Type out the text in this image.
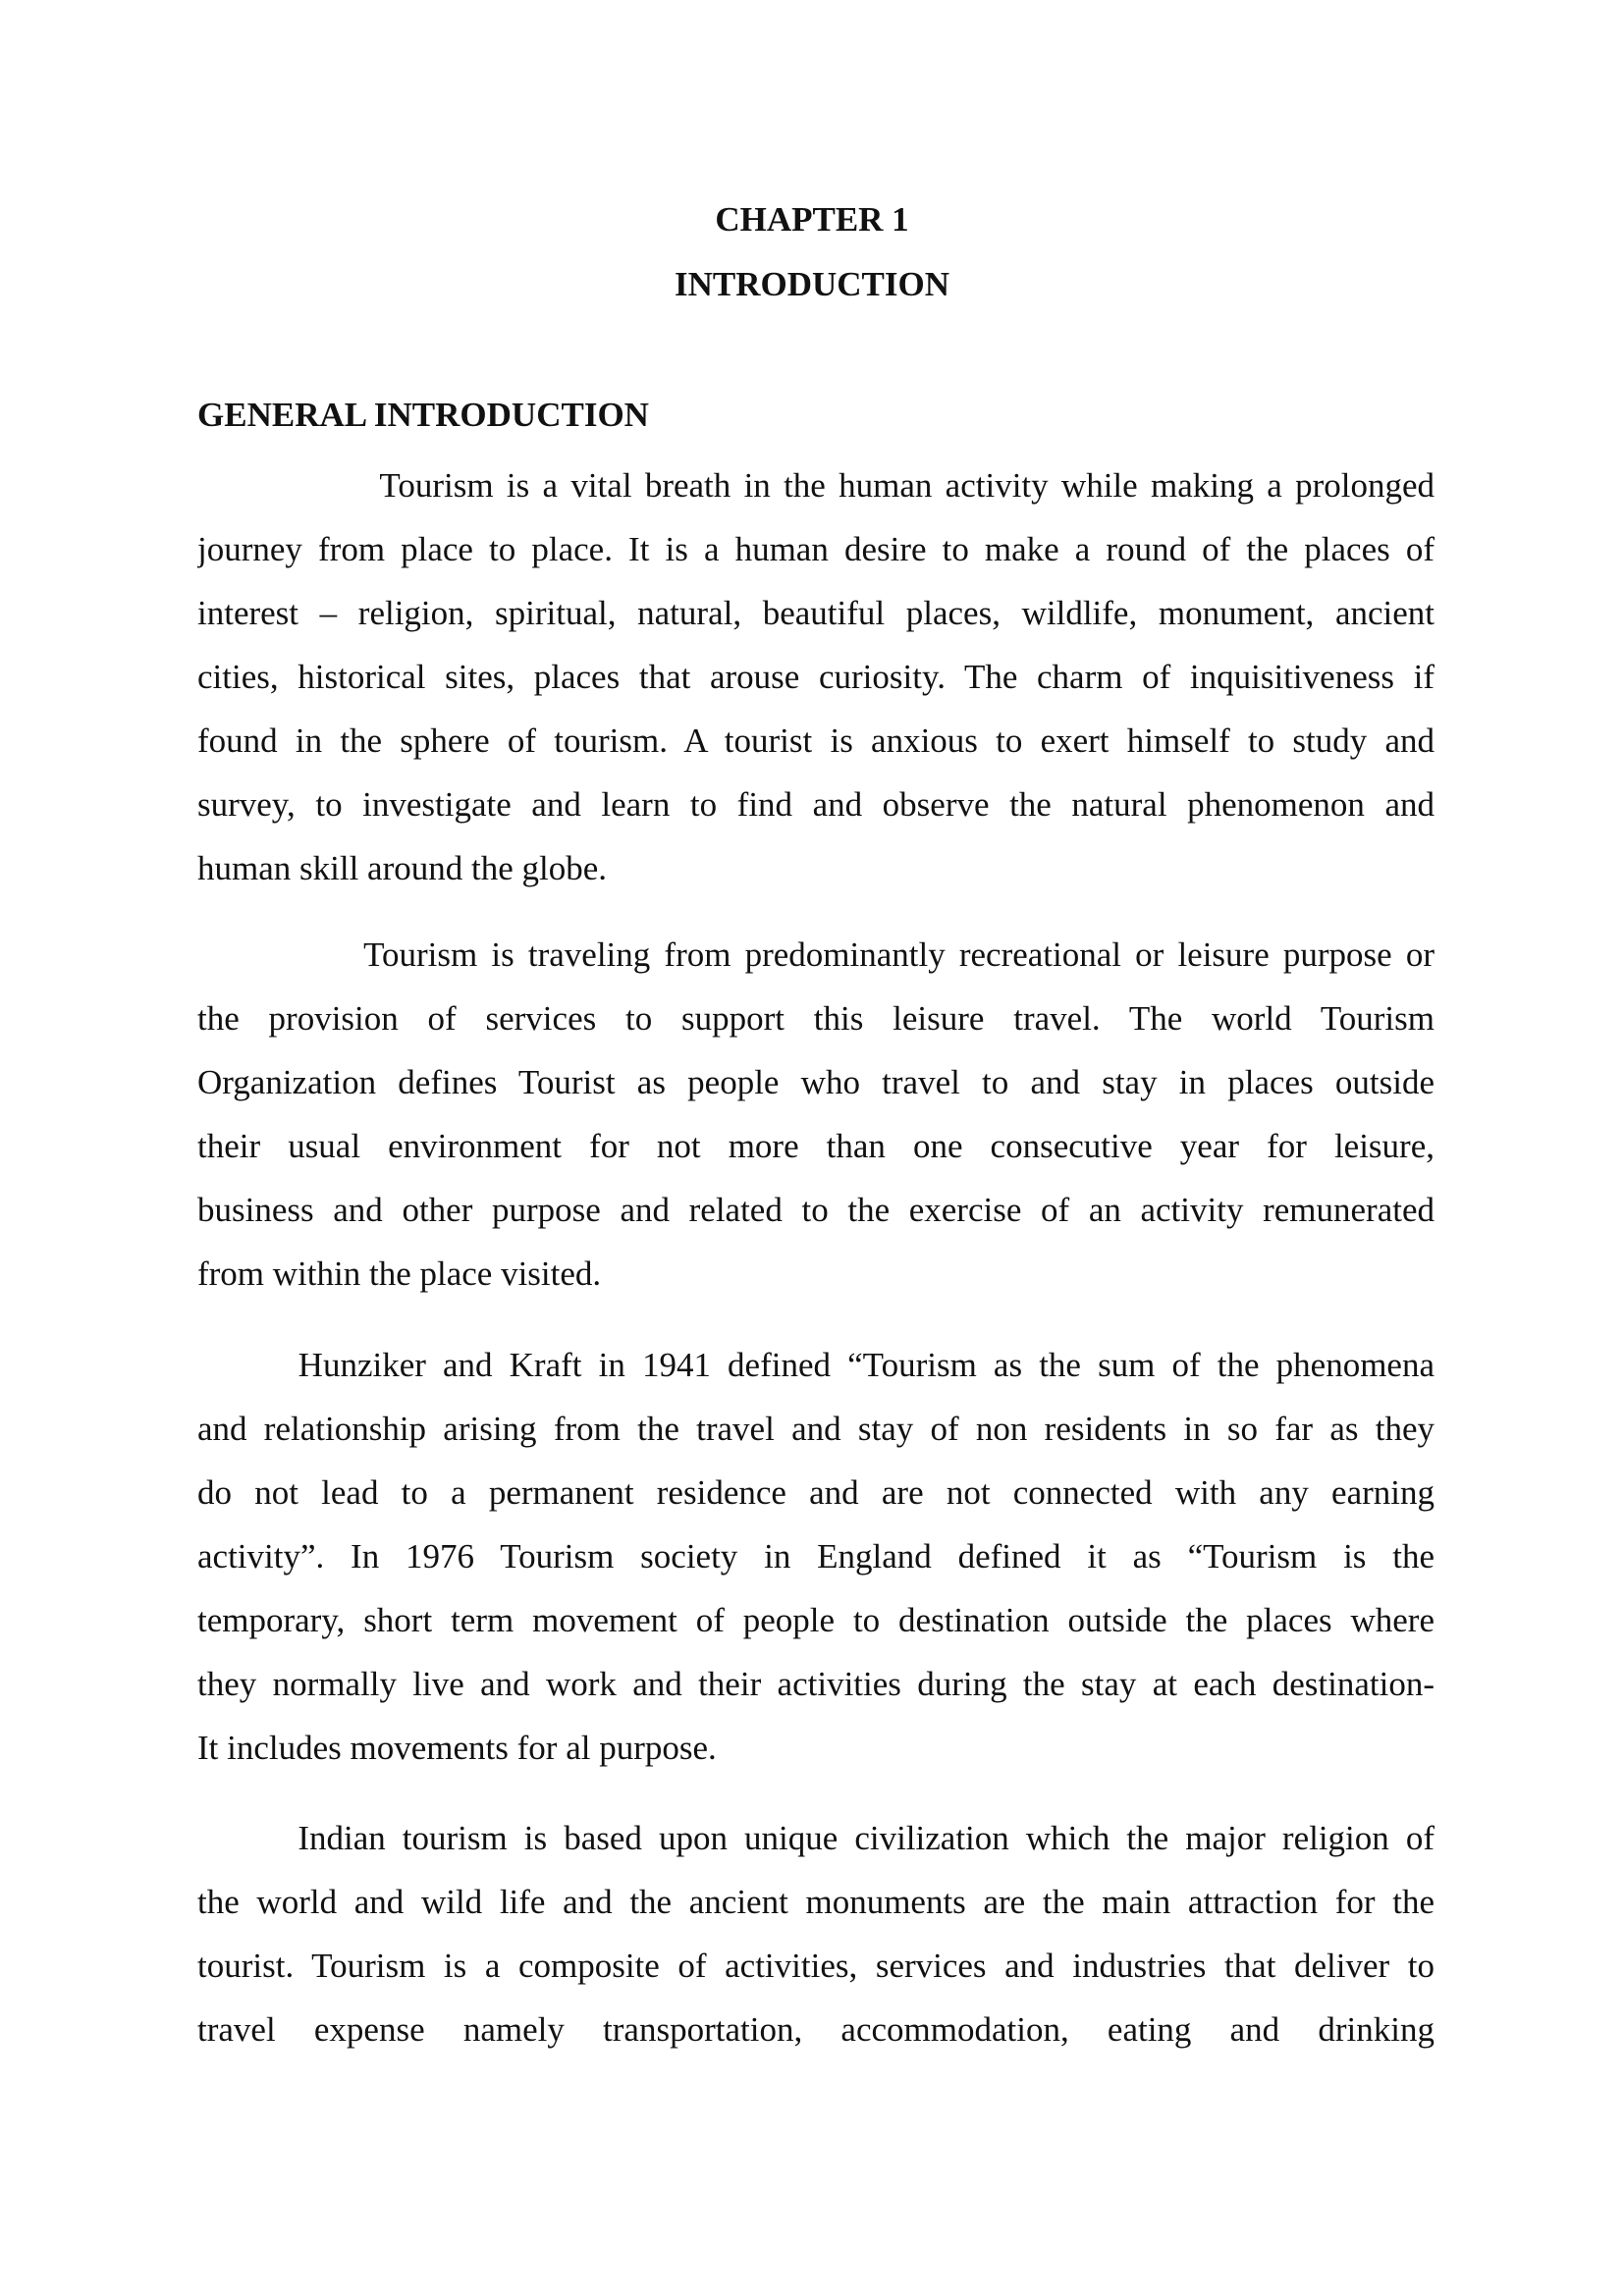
CHAPTER 1
INTRODUCTION
GENERAL INTRODUCTION
Tourism is a vital breath in the human activity while making a prolonged
journey from place to place. It is a human desire to make a round of the places of
interest – religion, spiritual, natural, beautiful places, wildlife, monument, ancient
cities, historical sites, places that arouse curiosity. The charm of inquisitiveness if
found in the sphere of tourism. A tourist is anxious to exert himself to study and
survey, to investigate and learn to find and observe the natural phenomenon and
human skill around the globe.
Tourism is traveling from predominantly recreational or leisure purpose or
the provision of services to support this leisure travel. The world Tourism
Organization defines Tourist as people who travel to and stay in places outside
their usual environment for not more than one consecutive year for leisure,
business and other purpose and related to the exercise of an activity remunerated
from within the place visited.
Hunziker and Kraft in 1941 defined “Tourism as the sum of the phenomena
and relationship arising from the travel and stay of non residents in so far as they
do not lead to a permanent residence and are not connected with any earning
activity”. In 1976 Tourism society in England defined it as “Tourism is the
temporary, short term movement of people to destination outside the places where
they normally live and work and their activities during the stay at each destination-
It includes movements for al purpose.
Indian tourism is based upon unique civilization which the major religion of
the world and wild life and the ancient monuments are the main attraction for the
tourist. Tourism is a composite of activities, services and industries that deliver to
travel expense namely transportation, accommodation, eating and drinking
